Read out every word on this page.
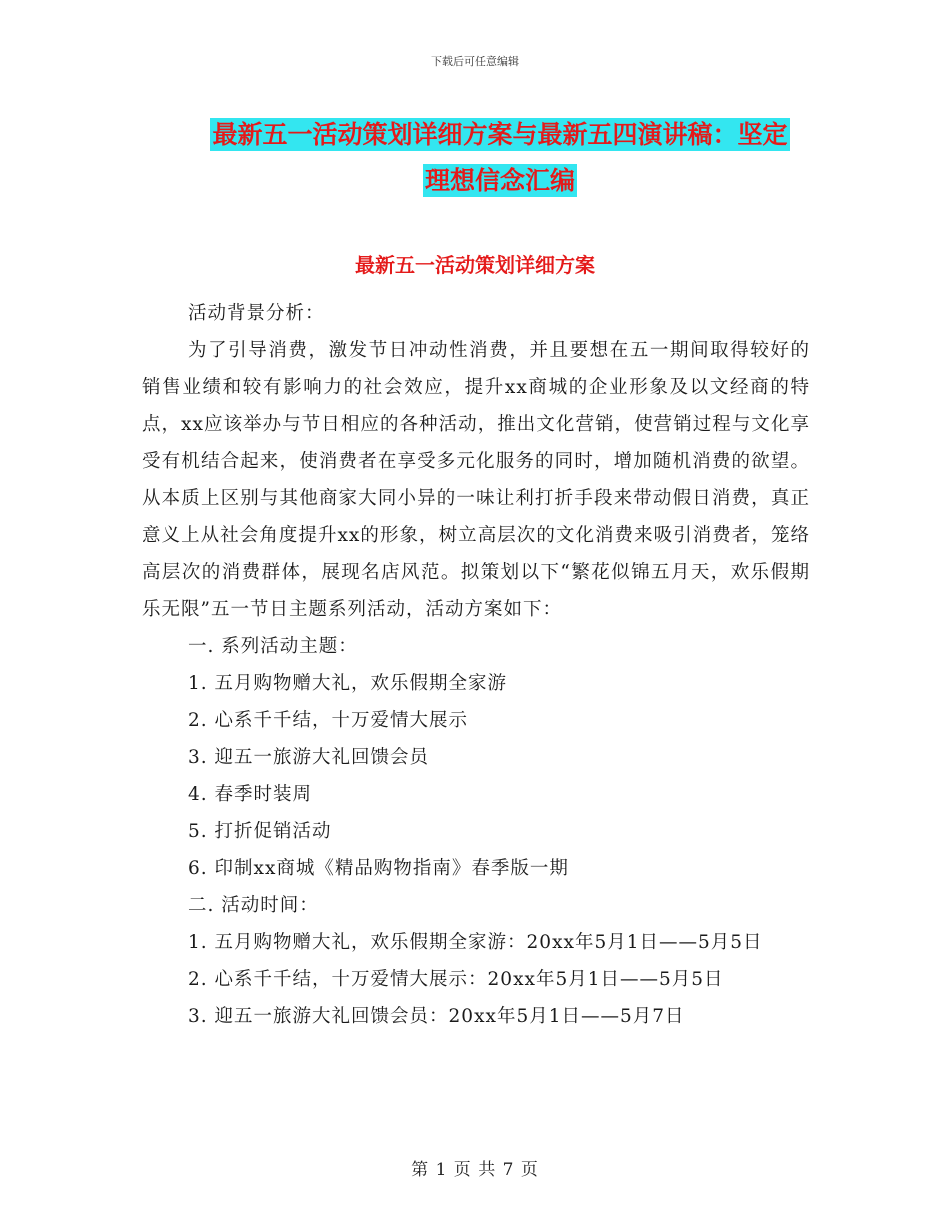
下载后可任意编辑
最新五一活动策划详细方案与最新五四演讲稿：坚定
理想信念汇编
最新五一活动策划详细方案

活动背景分析：

为了引导消费，激发节日冲动性消费，并且要想在五一期间取得较好的销售业绩和较有影响力的社会效应，提升xx商城的企业形象及以文经商的特点，xx应该举办与节日相应的各种活动，推出文化营销，使营销过程与文化享受有机结合起来，使消费者在享受多元化服务的同时，增加随机消费的欲望。从本质上区别与其他商家大同小异的一味让利打折手段来带动假日消费，真正意义上从社会角度提升xx的形象，树立高层次的文化消费来吸引消费者，笼络高层次的消费群体，展现名店风范。拟策划以下“繁花似锦五月天，欢乐假期乐无限”五一节日主题系列活动，活动方案如下：

一. 系列活动主题：

1. 五月购物赠大礼，欢乐假期全家游

2. 心系千千结，十万爱情大展示

3. 迎五一旅游大礼回馈会员

4. 春季时装周

5. 打折促销活动

6. 印制xx商城《精品购物指南》春季版一期

二. 活动时间：

1. 五月购物赠大礼，欢乐假期全家游：20xx年5月1日——5月5日

2. 心系千千结，十万爱情大展示：20xx年5月1日——5月5日

3. 迎五一旅游大礼回馈会员：20xx年5月1日——5月7日

第 1 页 共 7 页
